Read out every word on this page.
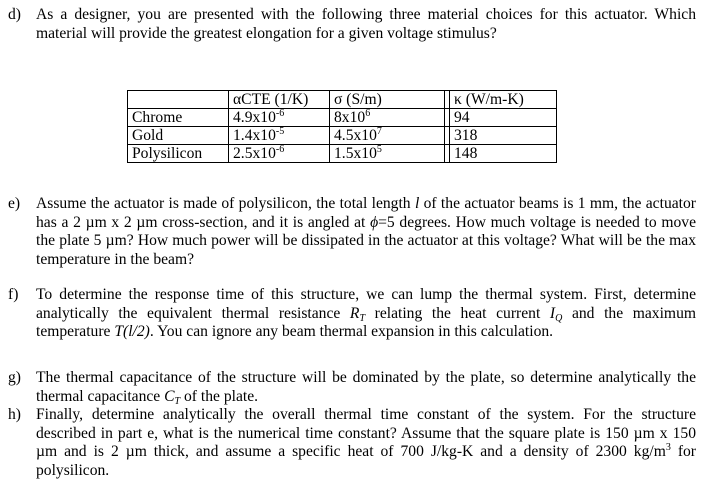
d) As a designer, you are presented with the following three material choices for this actuator. Which material will provide the greatest elongation for a given voltage stimulus?
	αCTE (1/K)	σ (S/m)		κ (W/m-K)
Chrome	$4.9x10^{-6}$	$8x10^6$		94
Gold	$1.4x10^{-5}$	$4.5x10^7$		318
Polysilicon	$2.5x10^{-6}$	$1.5x10^5$		148
e) Assume the actuator is made of polysilicon, the total length l of the actuator beams is 1 mm, the actuator has a 2 µm x 2 µm cross-section, and it is angled at ϕ=5 degrees. How much voltage is needed to move the plate 5 µm? How much power will be dissipated in the actuator at this voltage? What will be the max temperature in the beam?
f) To determine the response time of this structure, we can lump the thermal system. First, determine analytically the equivalent thermal resistance $R_T$ relating the heat current $I_Q$ and the maximum temperature T(l/2). You can ignore any beam thermal expansion in this calculation.
g) The thermal capacitance of the structure will be dominated by the plate, so determine analytically the thermal capacitance $C_T$ of the plate.
h) Finally, determine analytically the overall thermal time constant of the system. For the structure described in part e, what is the numerical time constant? Assume that the square plate is 150 µm x 150 µm and is 2 µm thick, and assume a specific heat of 700 J/kg-K and a density of 2300 $kg/m^3$ for polysilicon.
